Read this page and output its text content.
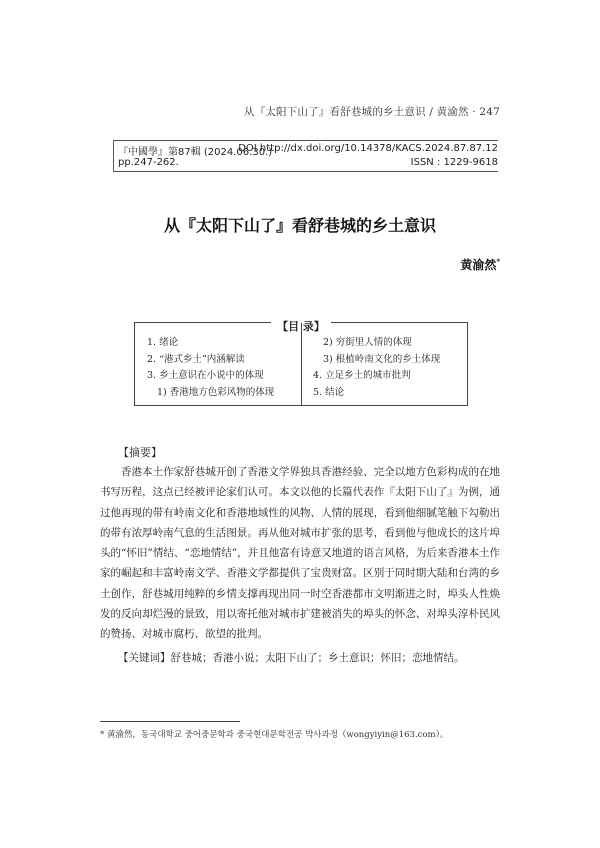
从『太阳下山了』看舒巷城的乡土意识 / 黄渝然 · 247
『中國學』第87輯 (2024.06.30.)
pp.247-262.
DOI http://dx.doi.org/10.14378/KACS.2024.87.87.12
ISSN : 1229-9618
从『太阳下山了』看舒巷城的乡土意识
黄渝然*
【目 录】
1. 绪论
2. “港式乡土”内涵解读
3. 乡土意识在小说中的体现
1) 香港地方色彩风物的体现
2) 穷街里人情的体现
3) 根植岭南文化的乡土体现
4. 立足乡土的城市批判
5. 结论
【摘要】

香港本土作家舒巷城开创了香港文学界独具香港经验、完全以地方色彩构成的在地书写历程，这点已经被评论家们认可。本文以他的长篇代表作『太阳下山了』为例，通过他再现的带有岭南文化和香港地域性的风物、人情的展现，看到他细腻笔触下勾勒出的带有浓厚岭南气息的生活图景。再从他对城市扩张的思考，看到他与他成长的这片埠头的“怀旧”情结、“恋地情结”，并且他富有诗意又地道的语言风格，为后来香港本土作家的崛起和丰富岭南文学、香港文学都提供了宝贵财富。区别于同时期大陆和台湾的乡土创作，舒巷城用纯粹的乡情支撑再现出同一时空香港都市文明渐进之时，埠头人性焕发的反向却烂漫的景致，用以寄托他对城市扩建被消失的埠头的怀念、对埠头淳朴民风的赞扬、对城市腐朽、欲望的批判。

【关键词】舒巷城；香港小说；太阳下山了；乡土意识；怀旧；恋地情结。
* 黄渝然，동국대학교 중어중문학과 중국현대문학전공 박사과정（wongyiyin@163.com）。
